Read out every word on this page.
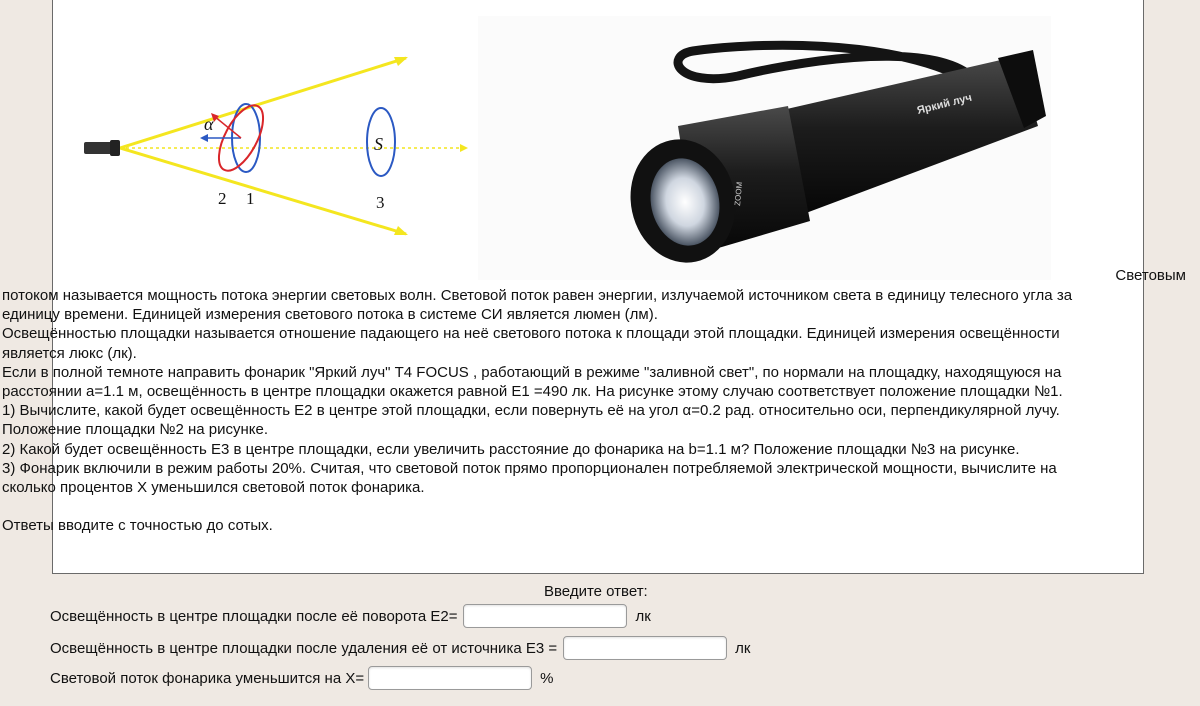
α
S
2 1	3
Яркий луч
ZOOM
Световым

потоком называется мощность потока энергии световых волн. Световой поток равен энергии, излучаемой источником света в единицу телесного угла за единицу времени. Единицей измерения светового потока в системе СИ является люмен (лм).

Освещённостью площадки называется отношение падающего на неё светового потока к площади этой площадки. Единицей измерения освещённости является люкс (лк).

Если в полной темноте направить фонарик "Яркий луч" T4 FOCUS , работающий в режиме "заливной свет", по нормали на площадку, находящуюся на расстоянии a=1.1 м, освещённость в центре площадки окажется равной E1 =490 лк. На рисунке этому случаю соответствует положение площадки №1.

1) Вычислите, какой будет освещённость E2 в центре этой площадки, если повернуть её на угол α=0.2 рад. относительно оси, перпендикулярной лучу. Положение площадки №2 на рисунке.

2) Какой будет освещённость E3 в центре площадки, если увеличить расстояние до фонарика на b=1.1 м? Положение площадки №3 на рисунке.

3) Фонарик включили в режим работы 20%. Считая, что световой поток прямо пропорционален потребляемой электрической мощности, вычислите на сколько процентов X уменьшился световой поток фонарика.

Ответы вводите с точностью до сотых.

Введите ответ:
Освещённость в центре площадки после её поворота E2=	лк
Освещённость в центре площадки после удаления её от источника E3 =	лк
Световой поток фонарика уменьшится на X=	%
